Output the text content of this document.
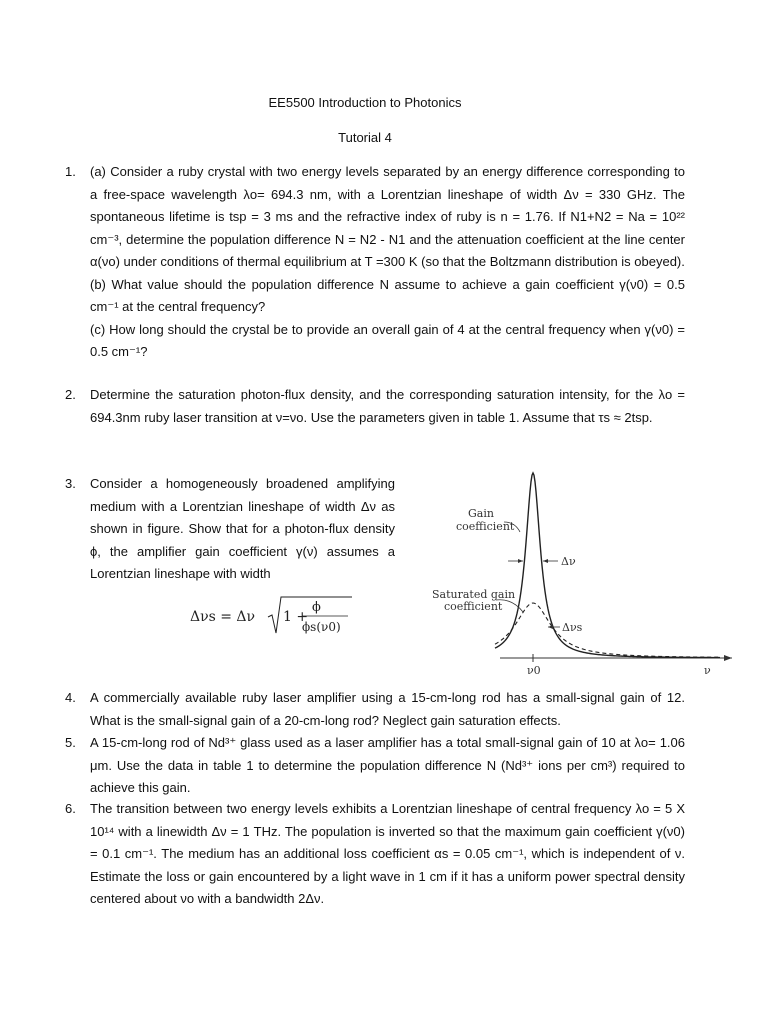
EE5500 Introduction to Photonics
Tutorial 4
1. (a) Consider a ruby crystal with two energy levels separated by an energy difference corresponding to a free-space wavelength λo= 694.3 nm, with a Lorentzian lineshape of width Δν = 330 GHz. The spontaneous lifetime is tsp = 3 ms and the refractive index of ruby is n = 1.76. If N1+N2 = Na = 10²² cm⁻³, determine the population difference N = N2 - N1 and the attenuation coefficient at the line center α(νo) under conditions of thermal equilibrium at T =300 K (so that the Boltzmann distribution is obeyed).

(b) What value should the population difference N assume to achieve a gain coefficient γ(ν0) = 0.5 cm⁻¹ at the central frequency?

(c) How long should the crystal be to provide an overall gain of 4 at the central frequency when γ(ν0) = 0.5 cm⁻¹?

2. Determine the saturation photon-flux density, and the corresponding saturation intensity, for the λo = 694.3nm ruby laser transition at ν=νo. Use the parameters given in table 1. Assume that τs ≈ 2tsp.

3. Consider a homogeneously broadened amplifying medium with a Lorentzian lineshape of width Δν as shown in figure. Show that for a photon-flux density ϕ, the amplifier gain coefficient γ(ν) assumes a Lorentzian lineshape with width

Δνs = Δν 1 +
ϕ
ϕs(ν0)
Gain
coefficient
Saturated gain
coefficient
Δν
Δνs
ν0	ν
4. A commercially available ruby laser amplifier using a 15-cm-long rod has a small-signal gain of 12. What is the small-signal gain of a 20-cm-long rod? Neglect gain saturation effects.

5. A 15-cm-long rod of Nd³⁺ glass used as a laser amplifier has a total small-signal gain of 10 at λo= 1.06 μm. Use the data in table 1 to determine the population difference N (Nd³⁺ ions per cm³) required to achieve this gain.

6. The transition between two energy levels exhibits a Lorentzian lineshape of central frequency λo = 5 X 10¹⁴ with a linewidth Δν = 1 THz. The population is inverted so that the maximum gain coefficient γ(ν0) = 0.1 cm⁻¹. The medium has an additional loss coefficient αs = 0.05 cm⁻¹, which is independent of ν. Estimate the loss or gain encountered by a light wave in 1 cm if it has a uniform power spectral density centered about νo with a bandwidth 2Δν.
